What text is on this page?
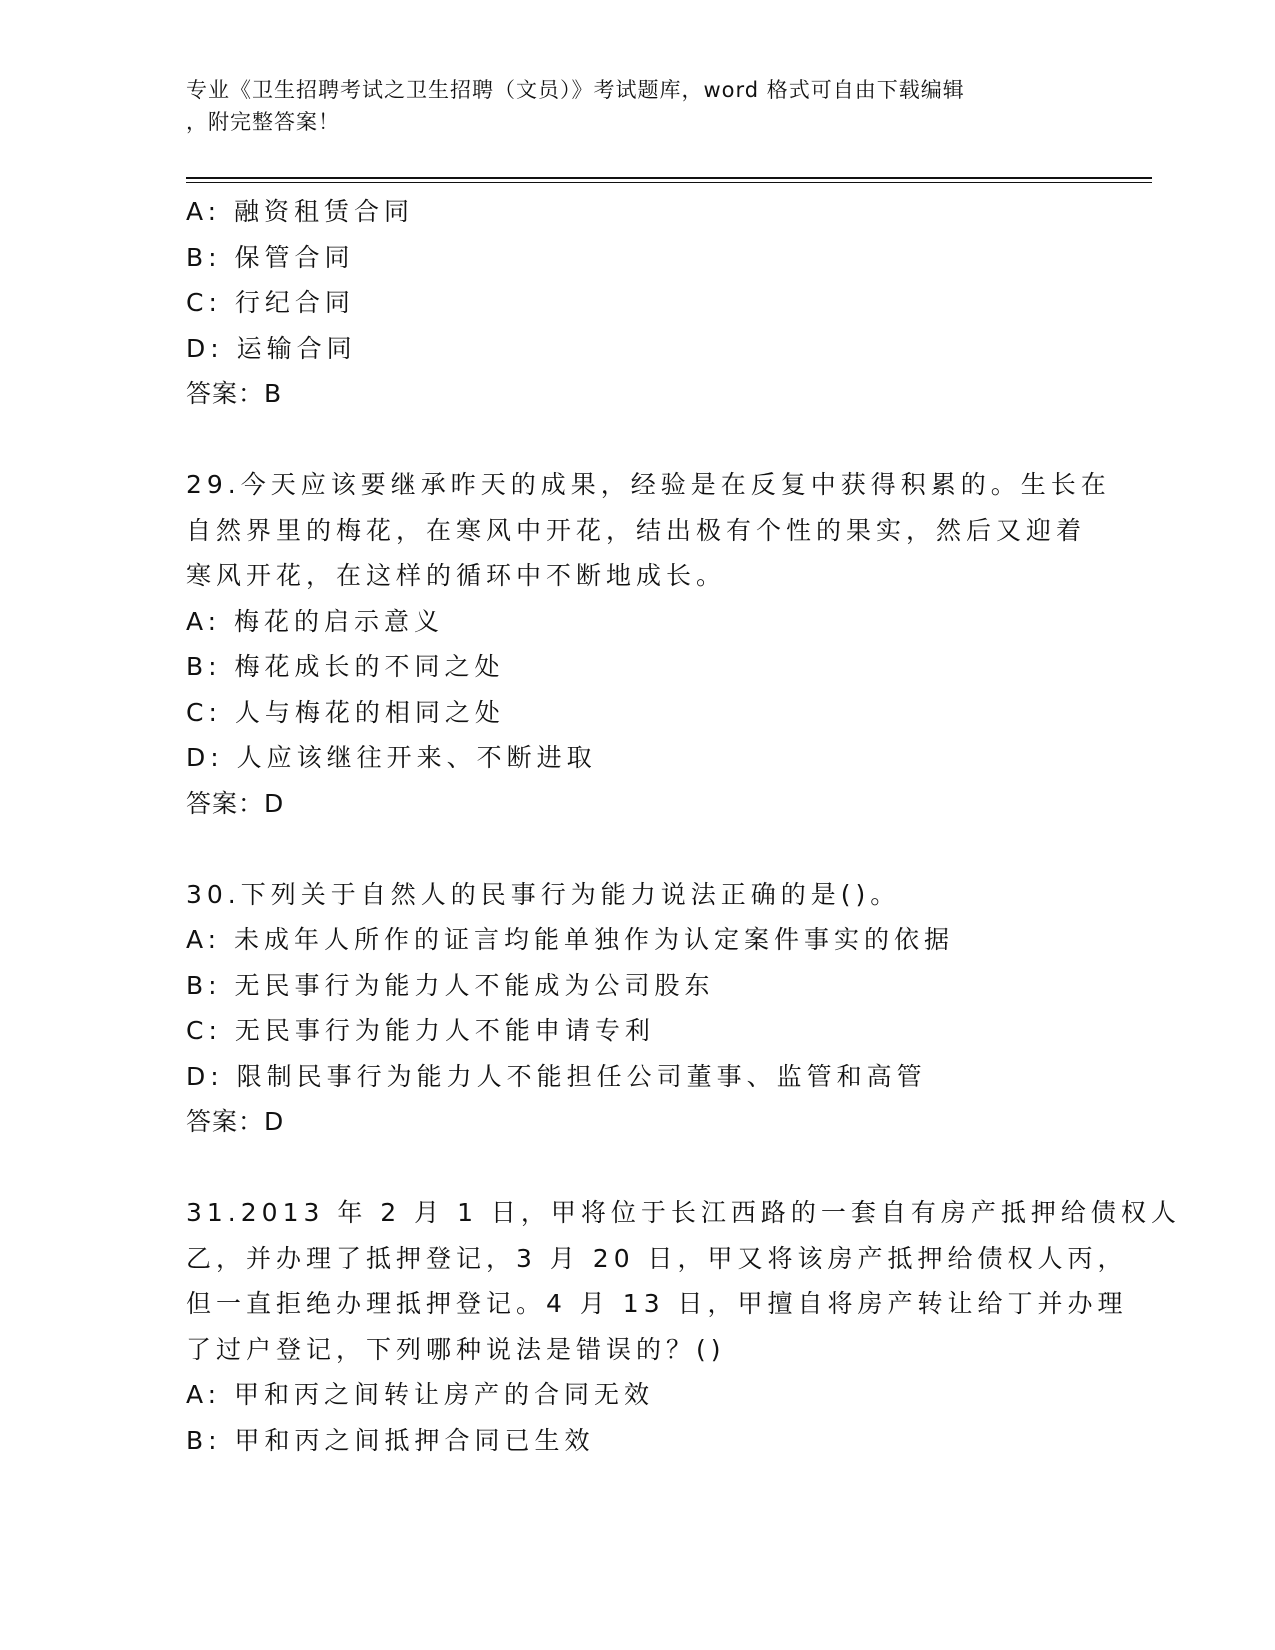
专业《卫生招聘考试之卫生招聘（文员）》考试题库，word 格式可自由下载编辑
，附完整答案！
A: 融资租赁合同
B: 保管合同
C: 行纪合同
D: 运输合同
答案：B
29.今天应该要继承昨天的成果，经验是在反复中获得积累的。生长在
自然界里的梅花，在寒风中开花，结出极有个性的果实，然后又迎着
寒风开花，在这样的循环中不断地成长。
A: 梅花的启示意义
B: 梅花成长的不同之处
C: 人与梅花的相同之处
D: 人应该继往开来、不断进取
答案：D
30.下列关于自然人的民事行为能力说法正确的是()。
A: 未成年人所作的证言均能单独作为认定案件事实的依据
B: 无民事行为能力人不能成为公司股东
C: 无民事行为能力人不能申请专利
D: 限制民事行为能力人不能担任公司董事、监管和高管
答案：D
31.2013 年 2 月 1 日，甲将位于长江西路的一套自有房产抵押给债权人
乙，并办理了抵押登记，3 月 20 日，甲又将该房产抵押给债权人丙，
但一直拒绝办理抵押登记。4 月 13 日，甲擅自将房产转让给丁并办理
了过户登记，下列哪种说法是错误的？()
A: 甲和丙之间转让房产的合同无效
B: 甲和丙之间抵押合同已生效
